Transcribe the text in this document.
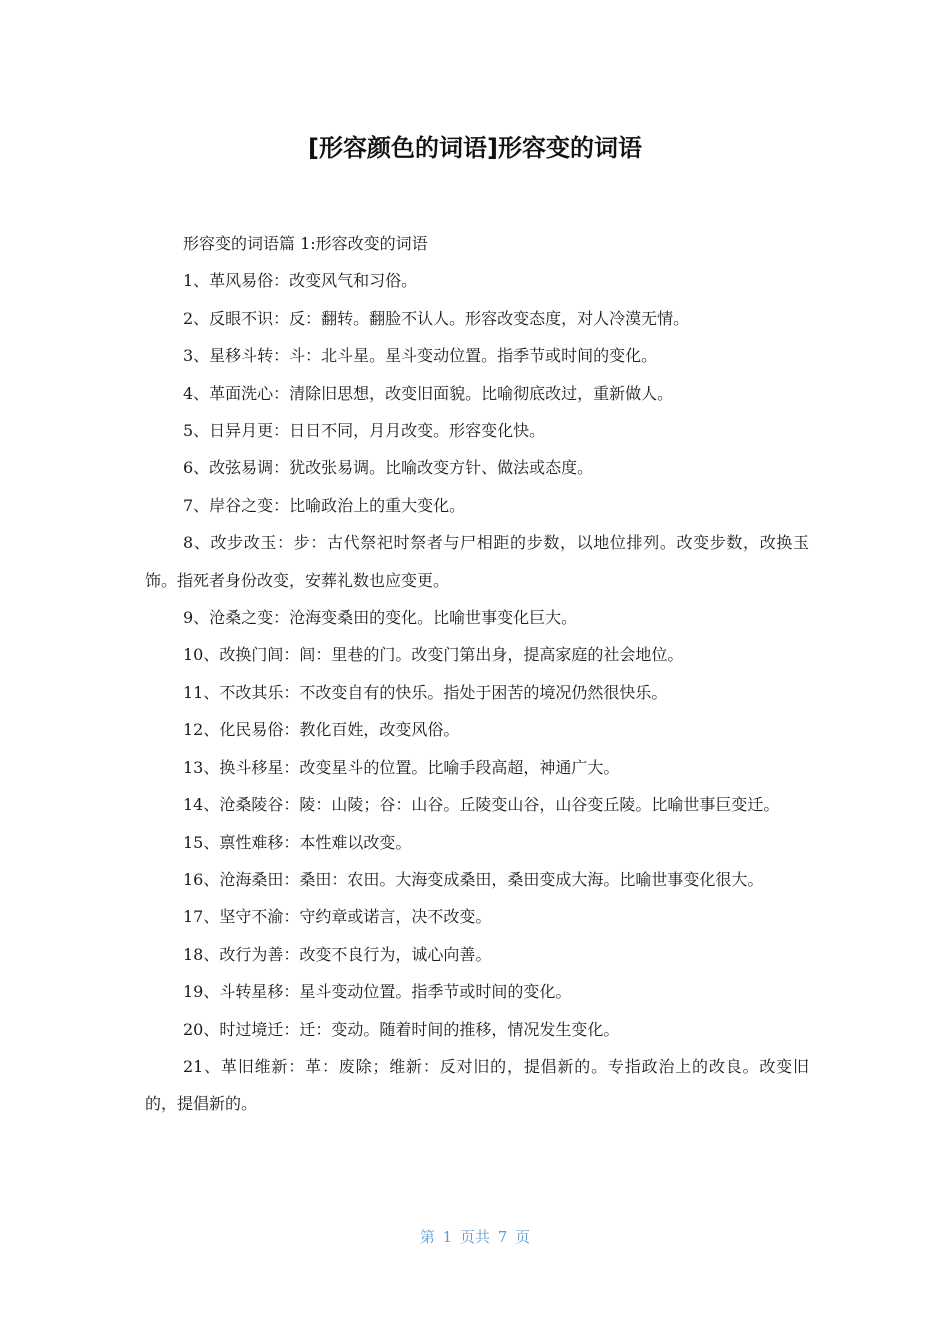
[形容颜色的词语]形容变的词语

形容变的词语篇 1:形容改变的词语

1、革风易俗：改变风气和习俗。

2、反眼不识：反：翻转。翻脸不认人。形容改变态度，对人冷漠无情。

3、星移斗转：斗：北斗星。星斗变动位置。指季节或时间的变化。

4、革面洗心：清除旧思想，改变旧面貌。比喻彻底改过，重新做人。

5、日异月更：日日不同，月月改变。形容变化快。

6、改弦易调：犹改张易调。比喻改变方针、做法或态度。

7、岸谷之变：比喻政治上的重大变化。

8、改步改玉：步：古代祭祀时祭者与尸相距的步数，以地位排列。改变步数，改换玉饰。指死者身份改变，安葬礼数也应变更。

9、沧桑之变：沧海变桑田的变化。比喻世事变化巨大。

10、改换门闾：闾：里巷的门。改变门第出身，提高家庭的社会地位。

11、不改其乐：不改变自有的快乐。指处于困苦的境况仍然很快乐。

12、化民易俗：教化百姓，改变风俗。

13、换斗移星：改变星斗的位置。比喻手段高超，神通广大。

14、沧桑陵谷：陵：山陵；谷：山谷。丘陵变山谷，山谷变丘陵。比喻世事巨变迁。

15、禀性难移：本性难以改变。

16、沧海桑田：桑田：农田。大海变成桑田，桑田变成大海。比喻世事变化很大。

17、坚守不渝：守约章或诺言，决不改变。

18、改行为善：改变不良行为，诚心向善。

19、斗转星移：星斗变动位置。指季节或时间的变化。

20、时过境迁：迁：变动。随着时间的推移，情况发生变化。

21、革旧维新：革：废除；维新：反对旧的，提倡新的。专指政治上的改良。改变旧的，提倡新的。

第 1 页共 7 页
